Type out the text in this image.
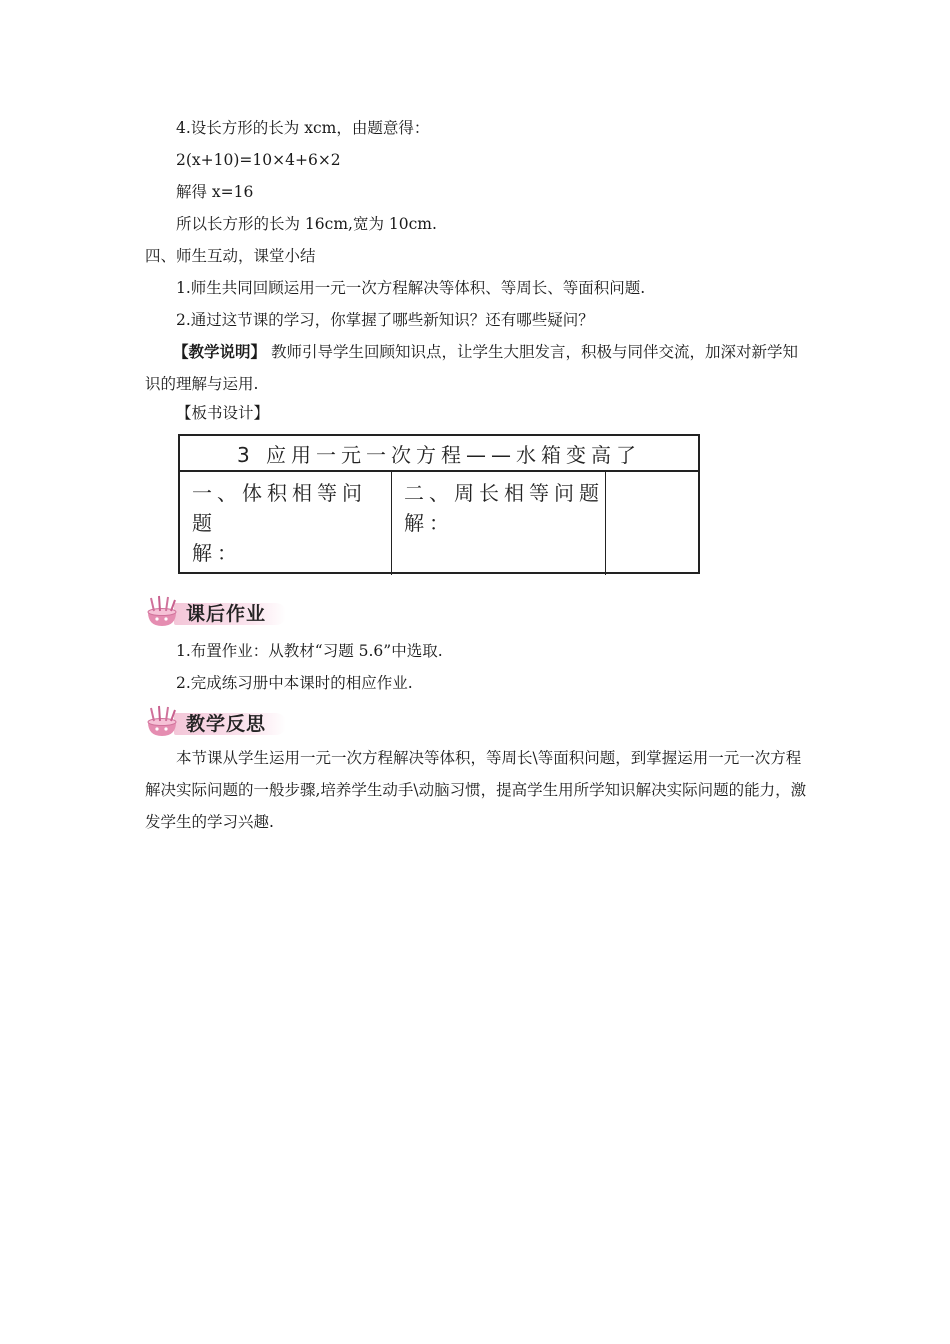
4.设长方形的长为 xcm，由题意得：
2(x+10)=10×4+6×2
解得 x=16
所以长方形的长为 16cm,宽为 10cm.
四、师生互动，课堂小结
1.师生共同回顾运用一元一次方程解决等体积、等周长、等面积问题.
2.通过这节课的学习，你掌握了哪些新知识？还有哪些疑问？
【教学说明】 教师引导学生回顾知识点，让学生大胆发言，积极与同伴交流，加深对新学知识的理解与运用.
【板书设计】
3 应用一元一次方程——水箱变高了
一、体积相等问题
解：
二、周长相等问题
解：
课后作业
1.布置作业：从教材“习题 5.6”中选取.
2.完成练习册中本课时的相应作业.
教学反思
本节课从学生运用一元一次方程解决等体积，等周长\等面积问题，到掌握运用一元一次方程解决实际问题的一般步骤,培养学生动手\动脑习惯，提高学生用所学知识解决实际问题的能力，激发学生的学习兴趣.
